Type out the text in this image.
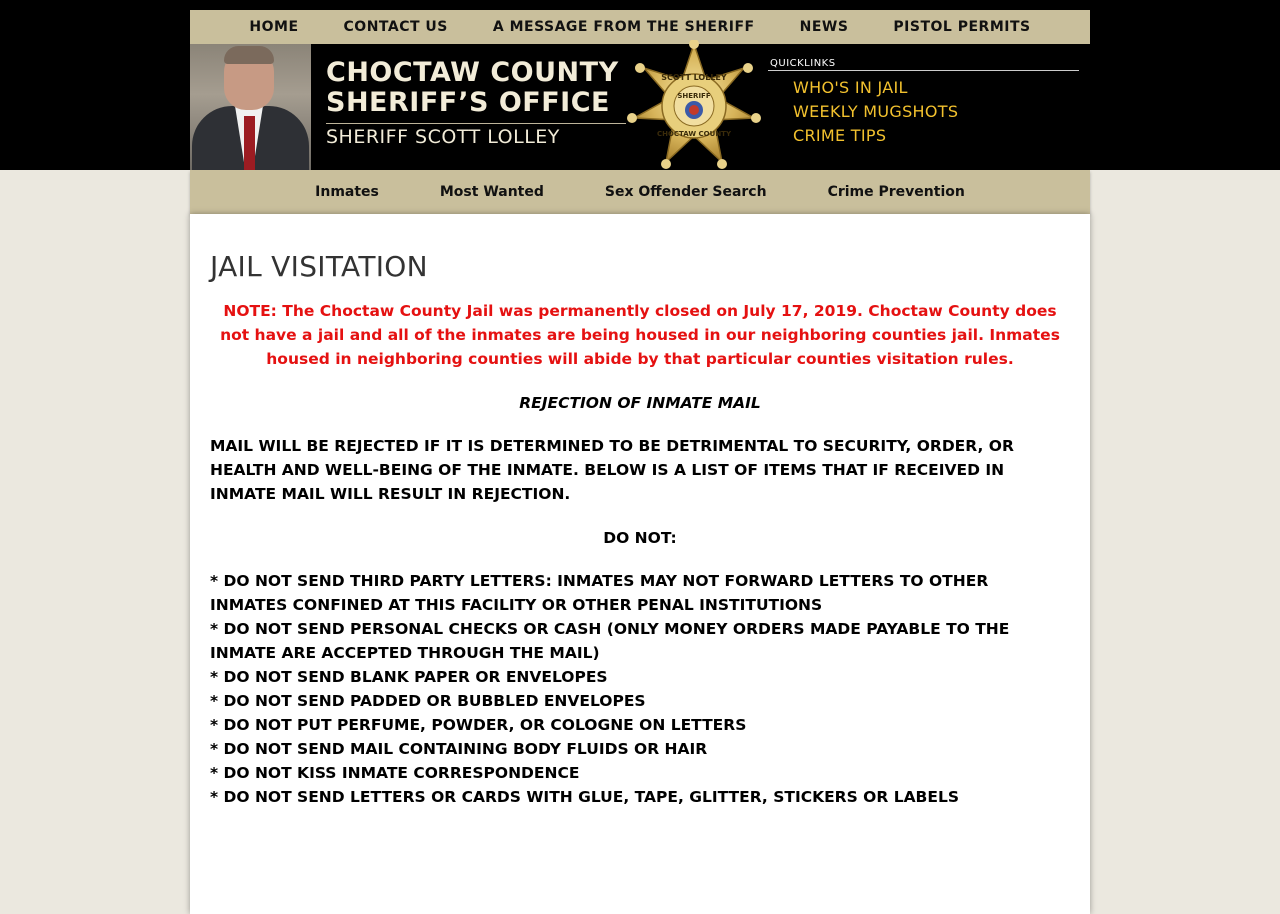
HOME	CONTACT US	A MESSAGE FROM THE SHERIFF	NEWS	PISTOL PERMITS
CHOCTAW COUNTY
SHERIFF’S OFFICE
SHERIFF SCOTT LOLLEY
SCOTT LOLLEY
SHERIFF
CHOCTAW COUNTY
QUICKLINKS
WHO'S IN JAIL
WEEKLY MUGSHOTS
CRIME TIPS
Inmates	Most Wanted	Sex Offender Search	Crime Prevention
JAIL VISITATION
NOTE: The Choctaw County Jail was permanently closed on July 17, 2019. Choctaw County does not have a jail and all of the inmates are being housed in our neighboring counties jail. Inmates housed in neighboring counties will abide by that particular counties visitation rules.
REJECTION OF INMATE MAIL
MAIL WILL BE REJECTED IF IT IS DETERMINED TO BE DETRIMENTAL TO SECURITY, ORDER, OR HEALTH AND WELL-BEING OF THE INMATE. BELOW IS A LIST OF ITEMS THAT IF RECEIVED IN INMATE MAIL WILL RESULT IN REJECTION.
DO NOT:
* DO NOT SEND THIRD PARTY LETTERS: INMATES MAY NOT FORWARD LETTERS TO OTHER INMATES CONFINED AT THIS FACILITY OR OTHER PENAL INSTITUTIONS
* DO NOT SEND PERSONAL CHECKS OR CASH (ONLY MONEY ORDERS MADE PAYABLE TO THE INMATE ARE ACCEPTED THROUGH THE MAIL)
* DO NOT SEND BLANK PAPER OR ENVELOPES
* DO NOT SEND PADDED OR BUBBLED ENVELOPES
* DO NOT PUT PERFUME, POWDER, OR COLOGNE ON LETTERS
* DO NOT SEND MAIL CONTAINING BODY FLUIDS OR HAIR
* DO NOT KISS INMATE CORRESPONDENCE
* DO NOT SEND LETTERS OR CARDS WITH GLUE, TAPE, GLITTER, STICKERS OR LABELS
